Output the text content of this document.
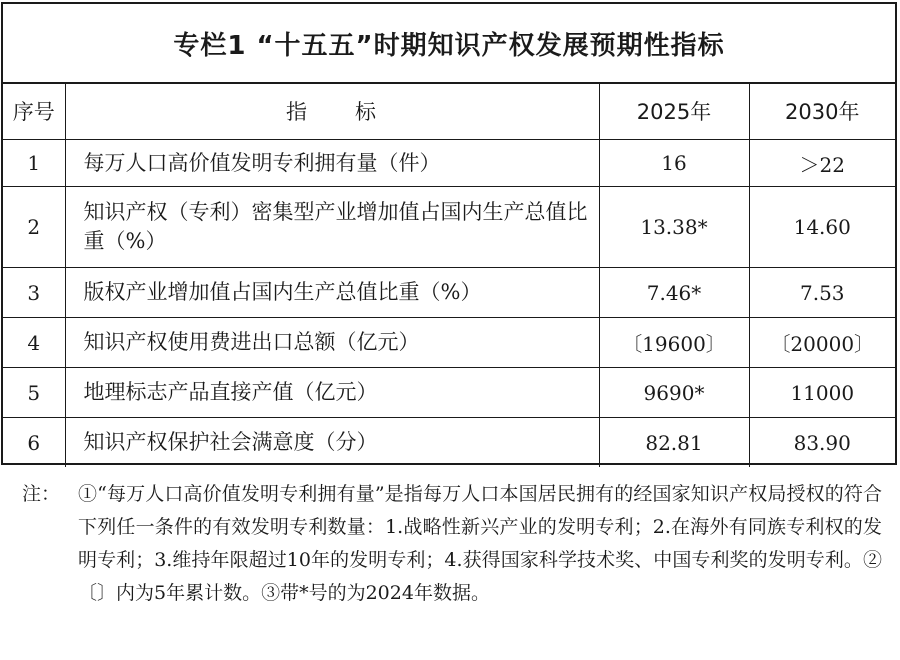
专栏1 “十五五”时期知识产权发展预期性指标
序号	指　　标	2025年	2030年
1	每万人口高价值发明专利拥有量（件）	16	＞22
2	知识产权（专利）密集型产业增加值占国内生产总值比重（%）	13.38*	14.60
3	版权产业增加值占国内生产总值比重（%）	7.46*	7.53
4	知识产权使用费进出口总额（亿元）	〔19600〕	〔20000〕
5	地理标志产品直接产值（亿元）	9690*	11000
6	知识产权保护社会满意度（分）	82.81	83.90
注： ①“每万人口高价值发明专利拥有量”是指每万人口本国居民拥有的经国家知识产权局授权的符合下列任一条件的有效发明专利数量：1.战略性新兴产业的发明专利；2.在海外有同族专利权的发明专利；3.维持年限超过10年的发明专利；4.获得国家科学技术奖、中国专利奖的发明专利。②〔〕内为5年累计数。③带*号的为2024年数据。
